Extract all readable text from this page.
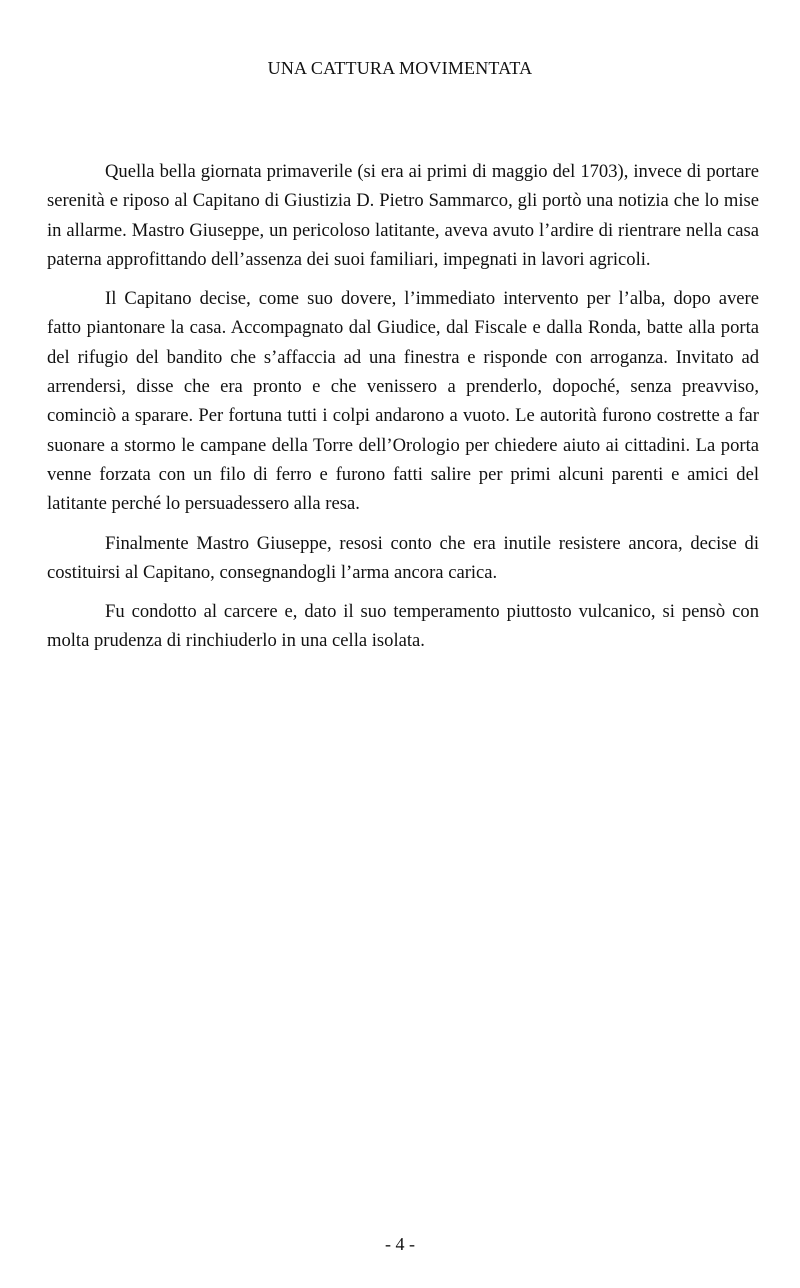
UNA CATTURA MOVIMENTATA

Quella bella giornata primaverile (si era ai primi di maggio del 1703), invece di portare serenità e riposo al Capitano di Giustizia D. Pietro Sammarco, gli portò una notizia che lo mise in allarme. Mastro Giuseppe, un pericoloso latitante, aveva avuto l’ardire di rientrare nella casa paterna approfittando dell’assenza dei suoi familiari, impegnati in lavori agricoli.

Il Capitano decise, come suo dovere, l’immediato intervento per l’alba, dopo avere fatto piantonare la casa. Accompagnato dal Giudice, dal Fiscale e dalla Ronda, batte alla porta del rifugio del bandito che s’affaccia ad una finestra e risponde con arroganza. Invitato ad arrendersi, disse che era pronto e che venissero a prenderlo, dopoché, senza preavviso, cominciò a sparare. Per fortuna tutti i colpi andarono a vuoto. Le autorità furono costrette a far suonare a stormo le campane della Torre dell’Orologio per chiedere aiuto ai cittadini. La porta venne forzata con un filo di ferro e furono fatti salire per primi alcuni parenti e amici del latitante perché lo persuadessero alla resa.

Finalmente Mastro Giuseppe, resosi conto che era inutile resistere ancora, decise di costituirsi al Capitano, consegnandogli l’arma ancora carica.

Fu condotto al carcere e, dato il suo temperamento piuttosto vulcanico, si pensò con molta prudenza di rinchiuderlo in una cella isolata.

- 4 -
